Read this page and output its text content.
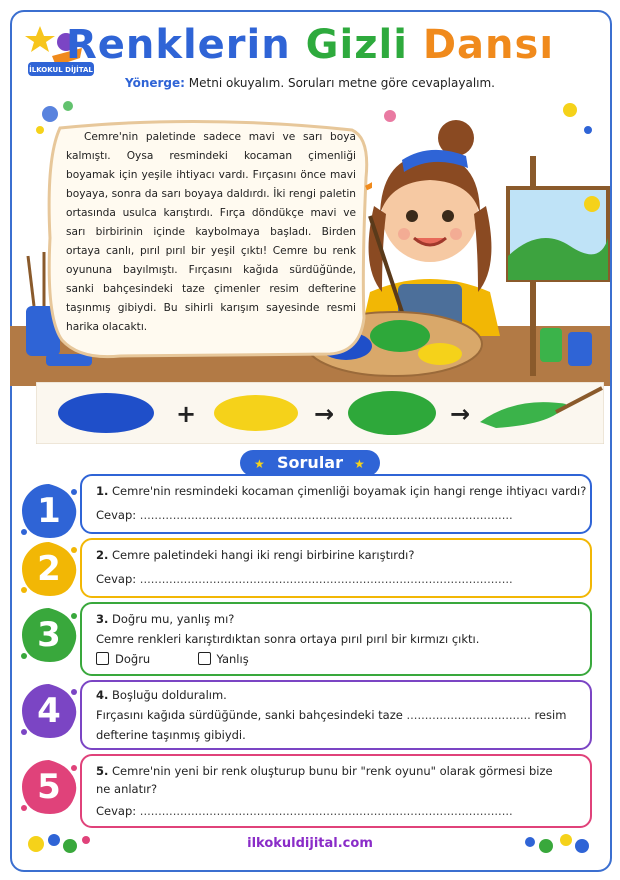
İLKOKUL DİJİTAL
Renklerin Gizli Dansı
Yönerge: Metni okuyalım. Soruları metne göre cevaplayalım.
Cemre'nin paletinde sadece mavi ve sarı boya kalmıştı. Oysa resmindeki kocaman çimenliği boyamak için yeşile ihtiyacı vardı. Fırçasını önce mavi boyaya, sonra da sarı boyaya daldırdı. İki rengi paletin ortasında usulca karıştırdı. Fırça döndükçe mavi ve sarı birbirinin içinde kaybolmaya başladı. Birden ortaya canlı, pırıl pırıl bir yeşil çıktı! Cemre bu renk oyununa bayılmıştı. Fırçasını kağıda sürdüğünde, sanki bahçesindeki taze çimenler resim defterine taşınmış gibiydi. Bu sihirli karışım sayesinde resmi harika olacaktı.
+	→	→
★	★
Sorular
1	1. Cemre'nin resmindeki kocaman çimenliği boyamak için hangi renge ihtiyacı vardı?
Cevap: ......................................................................................................
2	2. Cemre paletindeki hangi iki rengi birbirine karıştırdı?
Cevap: ......................................................................................................
3	3. Doğru mu, yanlış mı?
Cemre renkleri karıştırdıktan sonra ortaya pırıl pırıl bir kırmızı çıktı.
Doğru	Yanlış
4	4. Boşluğu dolduralım.
Fırçasını kağıda sürdüğünde, sanki bahçesindeki taze .................................. resim
defterine taşınmış gibiydi.
5	5. Cemre'nin yeni bir renk oluşturup bunu bir "renk oyunu" olarak görmesi bize
ne anlatır?
Cevap: ......................................................................................................
ilkokuldijital.com
